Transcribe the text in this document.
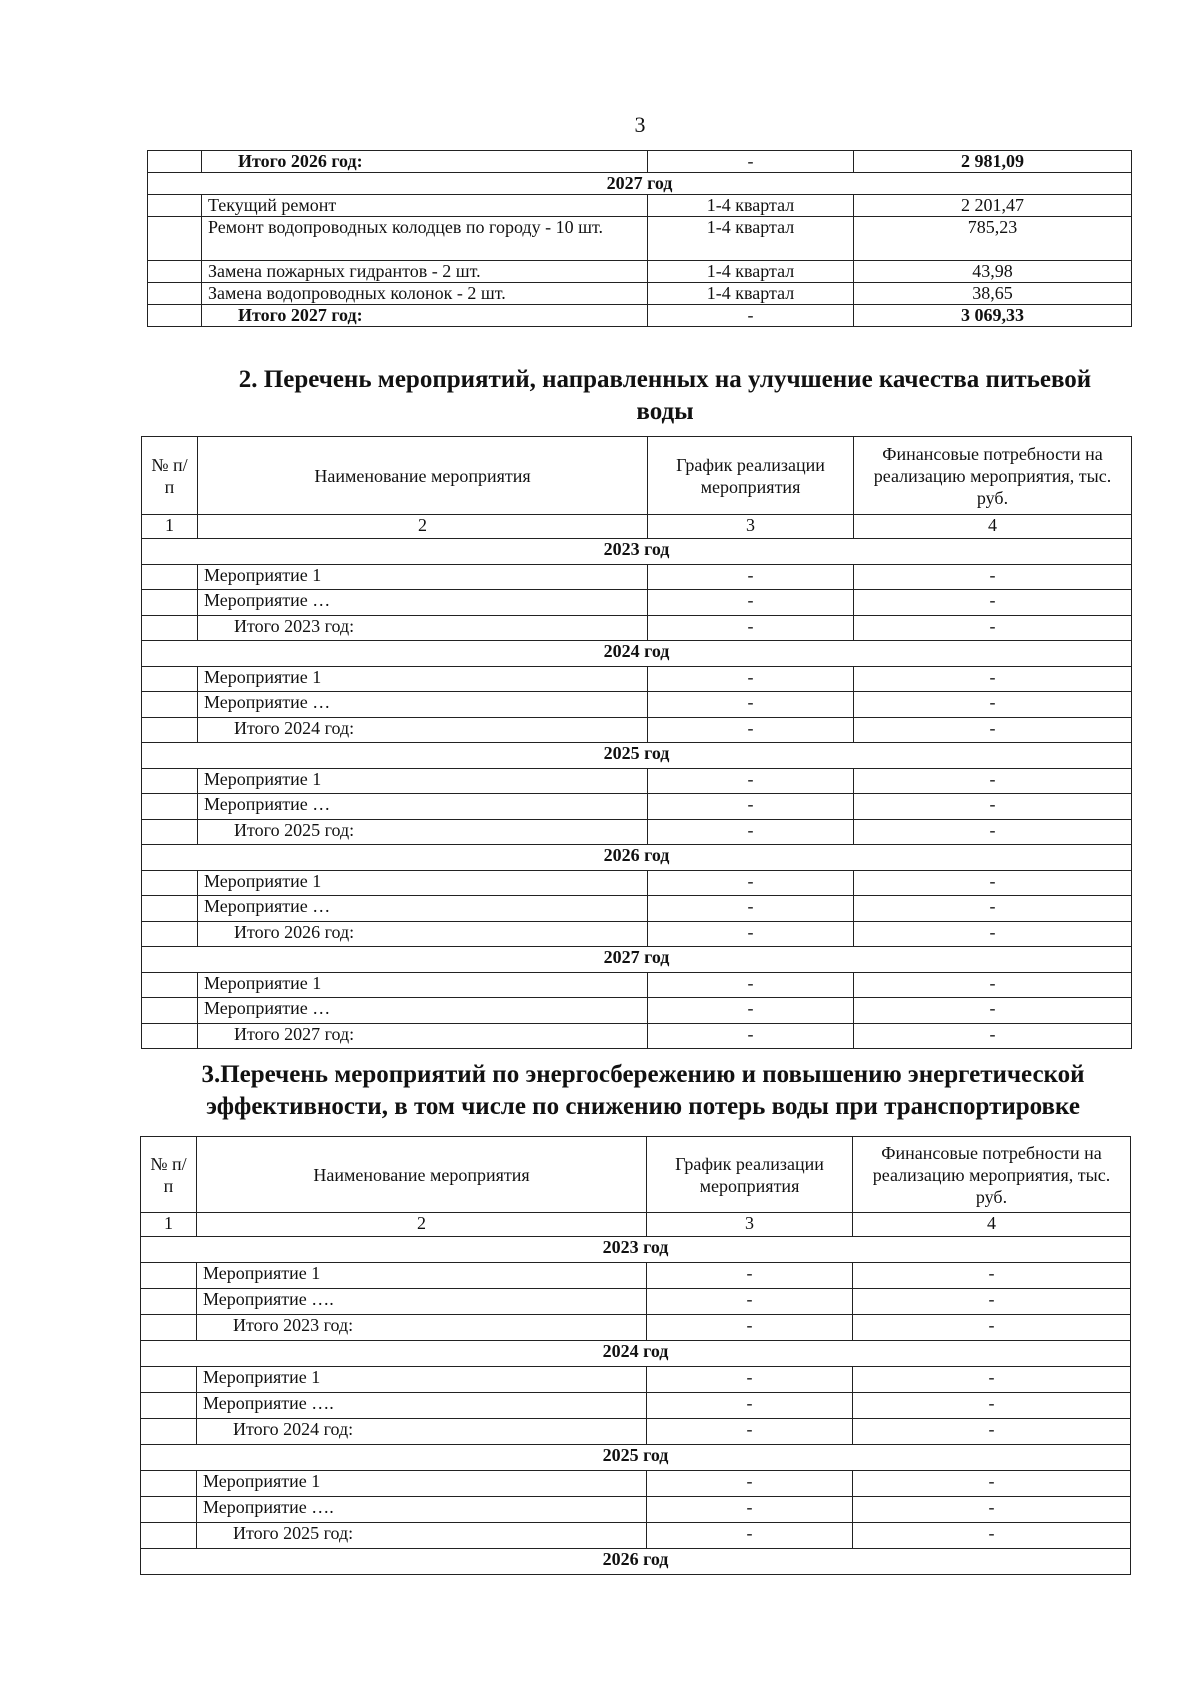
3
	Итого 2026 год:	-	2 981,09
2027 год			
	Текущий ремонт	1-4 квартал	2 201,47
	Ремонт водопроводных колодцев по городу - 10 шт.	1-4 квартал	785,23
	Замена пожарных гидрантов - 2 шт.	1-4 квартал	43,98
	Замена водопроводных колонок - 2 шт.	1-4 квартал	38,65
	Итого 2027 год:	-	3 069,33
2. Перечень мероприятий, направленных на улучшение качества питьевой воды
№ п/п	Наименование мероприятия	График реализации мероприятия	Финансовые потребности на реализацию мероприятия, тыс. руб.
1	2	3	4
2023 год			
	Мероприятие 1	-	-
	Мероприятие …	-	-
	Итого 2023 год:	-	-
2024 год			
	Мероприятие 1	-	-
	Мероприятие …	-	-
	Итого 2024 год:	-	-
2025 год			
	Мероприятие 1	-	-
	Мероприятие …	-	-
	Итого 2025 год:	-	-
2026 год			
	Мероприятие 1	-	-
	Мероприятие …	-	-
	Итого 2026 год:	-	-
2027 год			
	Мероприятие 1	-	-
	Мероприятие …	-	-
	Итого 2027 год:	-	-
3.Перечень мероприятий по энергосбережению и повышению энергетической эффективности, в том числе по снижению потерь воды при транспортировке
№ п/п	Наименование мероприятия	График реализации мероприятия	Финансовые потребности на реализацию мероприятия, тыс. руб.
1	2	3	4
2023 год			
	Мероприятие 1	-	-
	Мероприятие ….	-	-
	Итого 2023 год:	-	-
2024 год			
	Мероприятие 1	-	-
	Мероприятие ….	-	-
	Итого 2024 год:	-	-
2025 год			
	Мероприятие 1	-	-
	Мероприятие ….	-	-
	Итого 2025 год:	-	-
2026 год			
